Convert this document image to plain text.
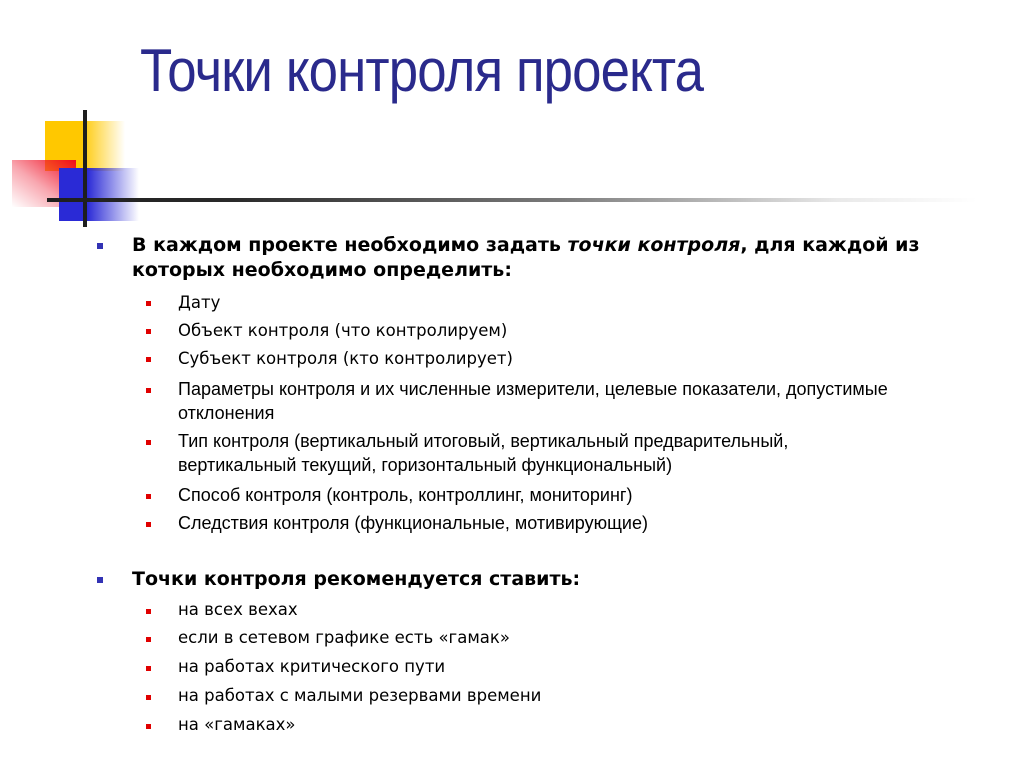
Точки контроля проекта
В каждом проекте необходимо задать точки контроля, для каждой из которых необходимо определить:
Дату
Объект контроля (что контролируем)
Субъект контроля (кто контролирует)
Параметры контроля и их численные измерители, целевые показатели, допустимые отклонения
Тип контроля (вертикальный итоговый, вертикальный предварительный, вертикальный текущий, горизонтальный функциональный)
Способ контроля (контроль, контроллинг, мониторинг)
Следствия контроля (функциональные, мотивирующие)
Точки контроля рекомендуется ставить:
на всех вехах
если в сетевом графике есть «гамак»
на работах критического пути
на работах с малыми резервами времени
на «гамаках»
